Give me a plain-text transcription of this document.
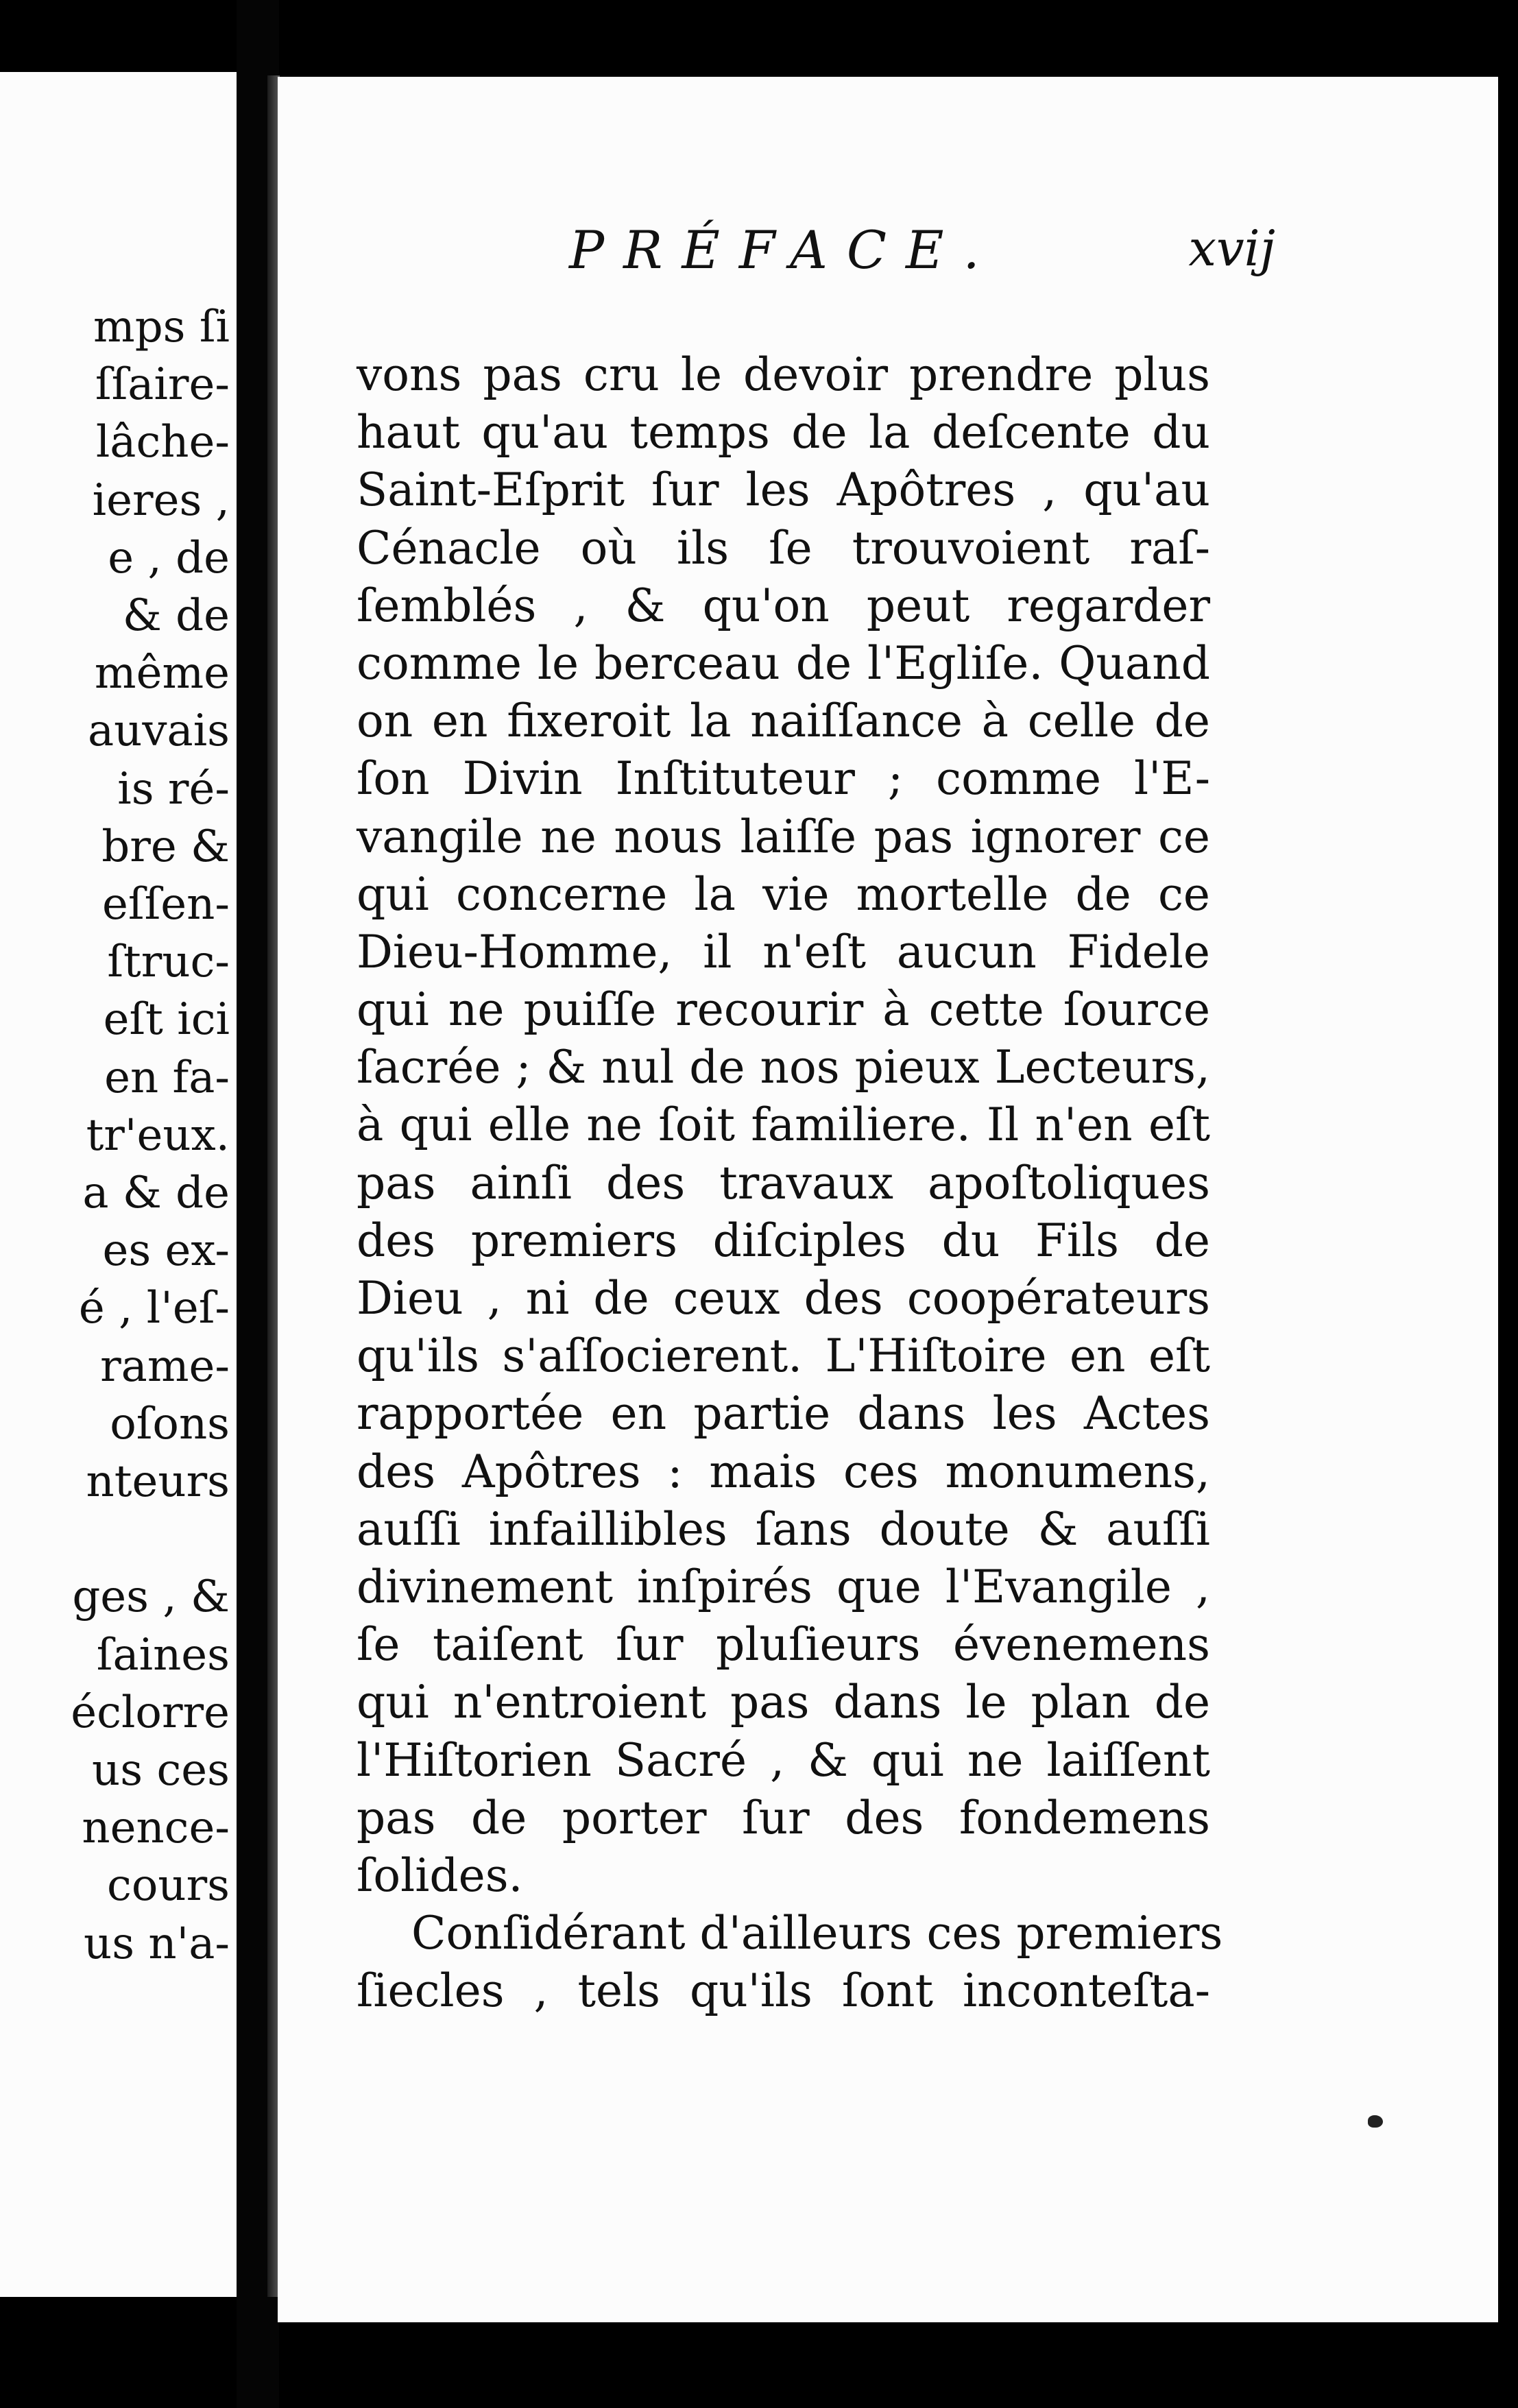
mps ſi
ſſaire-
lâche-
ieres ,
e , de
& de
même
auvais
is ré-
bre &
eſſen-
ſtruc-
eſt ici
en fa-
tr'eux.
a & de
es ex-
é , l'eſ-
rame-
oſons
nteurs
ges , &
ſaines
éclorre
us ces
nence-
cours
us n'a-
PRÉFACE.	xvij
vons pas cru le devoir prendre plus
haut qu'au temps de la deſcente du
Saint-Eſprit ſur les Apôtres , qu'au
Cénacle où ils ſe trouvoient raſ-
ſemblés , & qu'on peut regarder
comme le berceau de l'Egliſe. Quand
on en fixeroit la naiſſance à celle de
ſon Divin Inſtituteur ; comme l'E-
vangile ne nous laiſſe pas ignorer ce
qui concerne la vie mortelle de ce
Dieu-Homme, il n'eſt aucun Fidele
qui ne puiſſe recourir à cette ſource
ſacrée ; & nul de nos pieux Lecteurs,
à qui elle ne ſoit familiere. Il n'en eſt
pas ainſi des travaux apoſtoliques
des premiers diſciples du Fils de
Dieu , ni de ceux des coopérateurs
qu'ils s'aſſocierent. L'Hiſtoire en eſt
rapportée en partie dans les Actes
des Apôtres : mais ces monumens,
auſſi infaillibles ſans doute & auſſi
divinement inſpirés que l'Evangile ,
ſe taiſent ſur pluſieurs évenemens
qui n'entroient pas dans le plan de
l'Hiſtorien Sacré , & qui ne laiſſent
pas de porter ſur des fondemens
ſolides.
Conſidérant d'ailleurs ces premiers
ſiecles , tels qu'ils ſont inconteſta-
